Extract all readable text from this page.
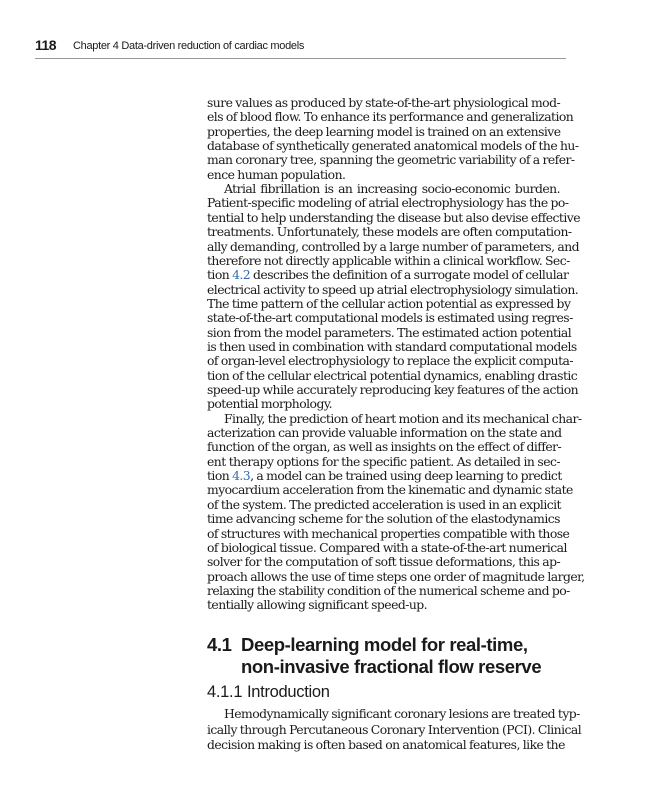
118 Chapter 4 Data-driven reduction of cardiac models
sure values as produced by state-of-the-art physiological mod-
els of blood flow. To enhance its performance and generalization
properties, the deep learning model is trained on an extensive
database of synthetically generated anatomical models of the hu-
man coronary tree, spanning the geometric variability of a refer-
ence human population.
Atrial fibrillation is an increasing socio-economic burden.
Patient-specific modeling of atrial electrophysiology has the po-
tential to help understanding the disease but also devise effective
treatments. Unfortunately, these models are often computation-
ally demanding, controlled by a large number of parameters, and
therefore not directly applicable within a clinical workflow. Sec-
tion 4.2 describes the definition of a surrogate model of cellular
electrical activity to speed up atrial electrophysiology simulation.
The time pattern of the cellular action potential as expressed by
state-of-the-art computational models is estimated using regres-
sion from the model parameters. The estimated action potential
is then used in combination with standard computational models
of organ-level electrophysiology to replace the explicit computa-
tion of the cellular electrical potential dynamics, enabling drastic
speed-up while accurately reproducing key features of the action
potential morphology.
Finally, the prediction of heart motion and its mechanical char-
acterization can provide valuable information on the state and
function of the organ, as well as insights on the effect of differ-
ent therapy options for the specific patient. As detailed in sec-
tion 4.3, a model can be trained using deep learning to predict
myocardium acceleration from the kinematic and dynamic state
of the system. The predicted acceleration is used in an explicit
time advancing scheme for the solution of the elastodynamics
of structures with mechanical properties compatible with those
of biological tissue. Compared with a state-of-the-art numerical
solver for the computation of soft tissue deformations, this ap-
proach allows the use of time steps one order of magnitude larger,
relaxing the stability condition of the numerical scheme and po-
tentially allowing significant speed-up.
4.1 Deep-learning model for real-time,
non-invasive fractional flow reserve
4.1.1 Introduction
Hemodynamically significant coronary lesions are treated typ-
ically through Percutaneous Coronary Intervention (PCI). Clinical
decision making is often based on anatomical features, like the
